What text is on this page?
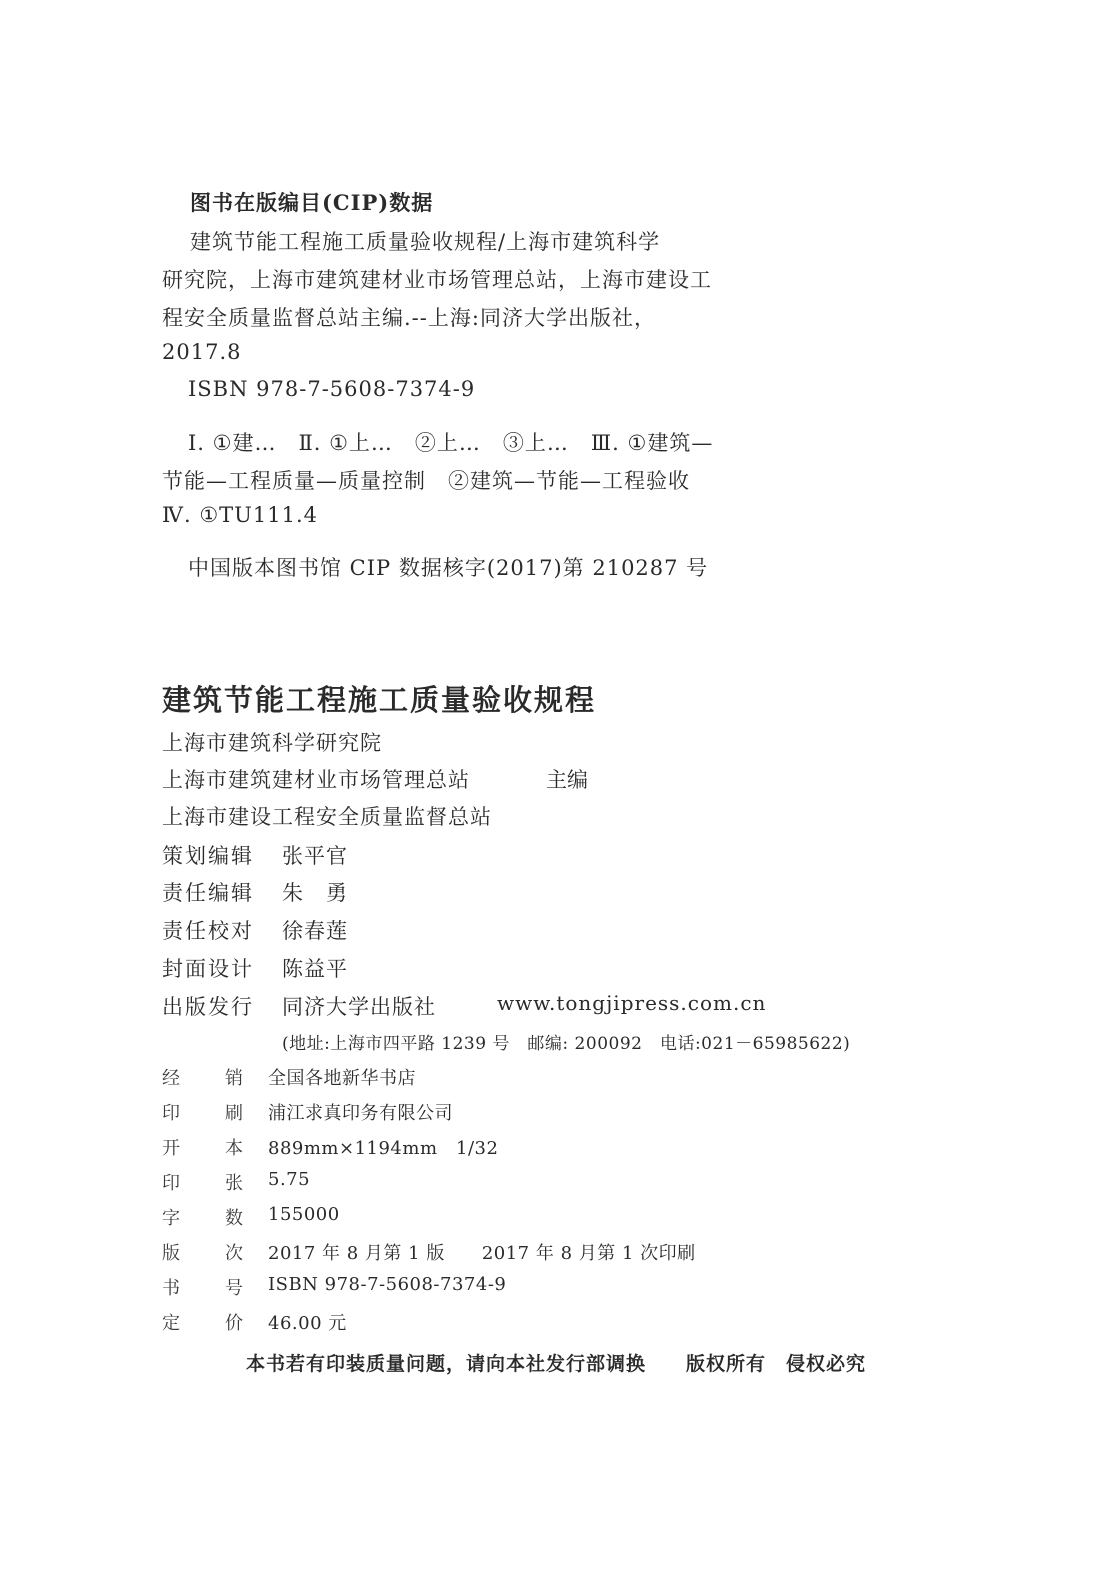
图书在版编目(CIP)数据
建筑节能工程施工质量验收规程/上海市建筑科学
研究院，上海市建筑建材业市场管理总站，上海市建设工
程安全质量监督总站主编.--上海:同济大学出版社，
2017.8
ISBN 978-7-5608-7374-9
Ⅰ. ①建…　Ⅱ. ①上…　②上…　③上…　Ⅲ. ①建筑—
节能—工程质量—质量控制　②建筑—节能—工程验收
Ⅳ. ①TU111.4
中国版本图书馆 CIP 数据核字(2017)第 210287 号
建筑节能工程施工质量验收规程
上海市建筑科学研究院
上海市建筑建材业市场管理总站	主编
上海市建设工程安全质量监督总站
策划编辑 张平官
责任编辑 朱　勇
责任校对 徐春莲
封面设计 陈益平
出版发行 同济大学出版社	www.tongjipress.com.cn
(地址:上海市四平路 1239 号　邮编: 200092　电话:021－65985622)
经	销 全国各地新华书店
印	刷 浦江求真印务有限公司
开	本 889mm×1194mm　1/32
印	张 5.75
字	数 155000
版	次 2017 年 8 月第 1 版　　2017 年 8 月第 1 次印刷
书	号 ISBN 978-7-5608-7374-9
定	价 46.00 元
本书若有印装质量问题，请向本社发行部调换　　版权所有　侵权必究
